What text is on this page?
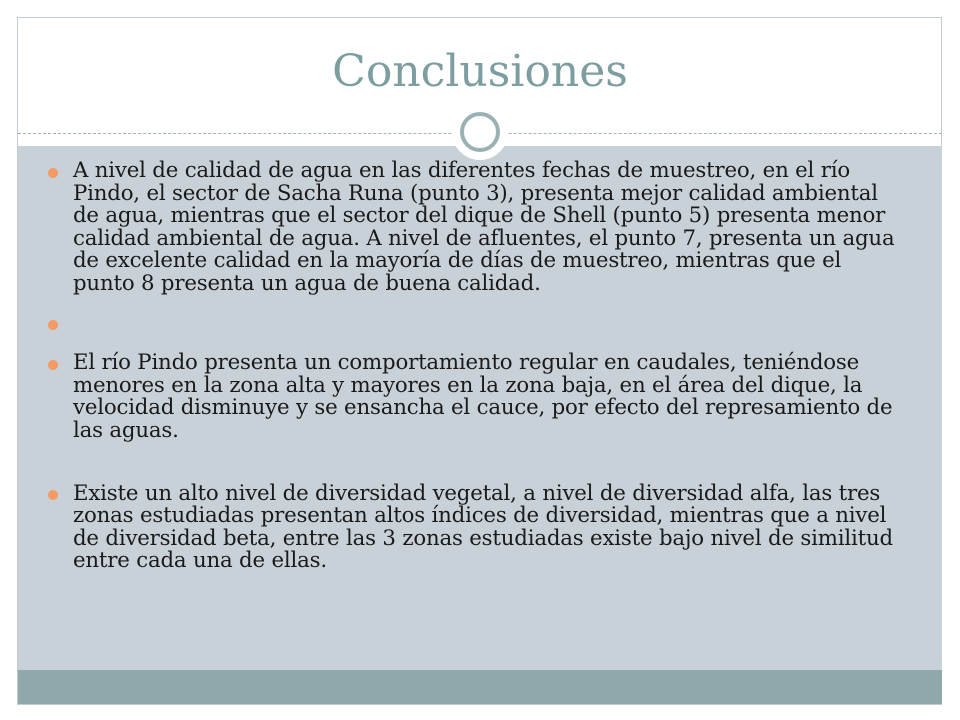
Conclusiones
A nivel de calidad de agua en las diferentes fechas de muestreo, en el río Pindo, el sector de Sacha Runa (punto 3), presenta mejor calidad ambiental de agua, mientras que el sector del dique de Shell (punto 5) presenta menor calidad ambiental de agua. A nivel de afluentes, el punto 7, presenta un agua de excelente calidad en la mayoría de días de muestreo, mientras que el punto 8 presenta un agua de buena calidad.
El río Pindo presenta un comportamiento regular en caudales, teniéndose menores en la zona alta y mayores en la zona baja, en el área del dique, la velocidad disminuye y se ensancha el cauce, por efecto del represamiento de las aguas.
Existe un alto nivel de diversidad vegetal, a nivel de diversidad alfa, las tres zonas estudiadas presentan altos índices de diversidad, mientras que a nivel de diversidad beta, entre las 3 zonas estudiadas existe bajo nivel de similitud entre cada una de ellas.
